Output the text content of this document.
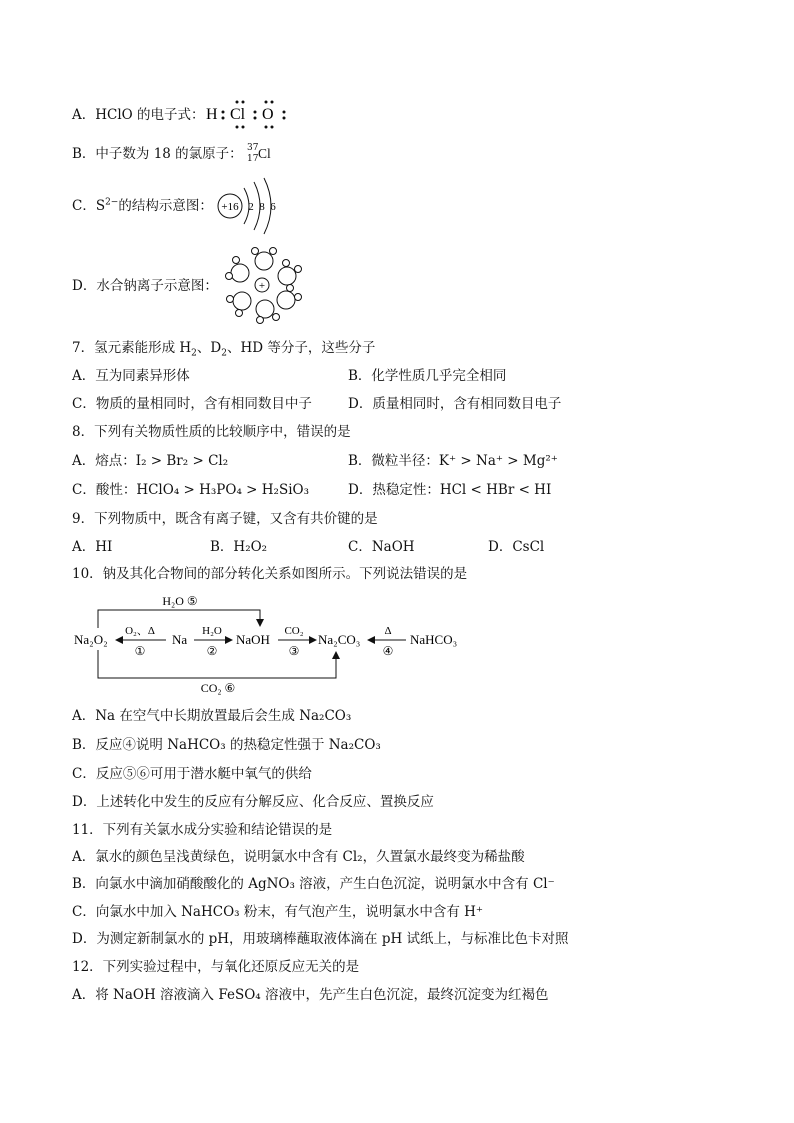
A．HClO 的电子式： H Cl O
B．中子数为 18 的氯原子： 37
17 Cl
C．$S^{2-}$的结构示意图： +16 2 8 6
D．水合钠离子示意图：	+
7．氢元素能形成 $H_2$、$D_2$、HD 等分子，这些分子
A．互为同素异形体	B．化学性质几乎完全相同
C．物质的量相同时，含有相同数目中子	D．质量相同时，含有相同数目电子
8．下列有关物质性质的比较顺序中，错误的是
A．熔点：I₂ > Br₂ > Cl₂	B．微粒半径：K⁺ > Na⁺ > Mg²⁺
C．酸性：HClO₄ > H₃PO₄ > H₂SiO₃	D．热稳定性：HCl < HBr < HI
9．下列物质中，既含有离子键，又含有共价键的是
A．HI	B．H₂O₂	C．NaOH	D．CsCl
10．钠及其化合物间的部分转化关系如图所示。下列说法错误的是
Na₂O₂	Na	NaOH	Na₂CO₃	NaHCO₃
O₂、Δ
①
H₂O
②
CO₂
③
Δ
④
H₂O ⑤
CO₂ ⑥
A．Na 在空气中长期放置最后会生成 Na₂CO₃
B．反应④说明 NaHCO₃ 的热稳定性强于 Na₂CO₃
C．反应⑤⑥可用于潜水艇中氧气的供给
D．上述转化中发生的反应有分解反应、化合反应、置换反应
11．下列有关氯水成分实验和结论错误的是
A．氯水的颜色呈浅黄绿色，说明氯水中含有 Cl₂，久置氯水最终变为稀盐酸
B．向氯水中滴加硝酸酸化的 AgNO₃ 溶液，产生白色沉淀，说明氯水中含有 Cl⁻
C．向氯水中加入 NaHCO₃ 粉末，有气泡产生，说明氯水中含有 H⁺
D．为测定新制氯水的 pH，用玻璃棒蘸取液体滴在 pH 试纸上，与标准比色卡对照
12．下列实验过程中，与氧化还原反应无关的是
A．将 NaOH 溶液滴入 FeSO₄ 溶液中，先产生白色沉淀，最终沉淀变为红褐色
